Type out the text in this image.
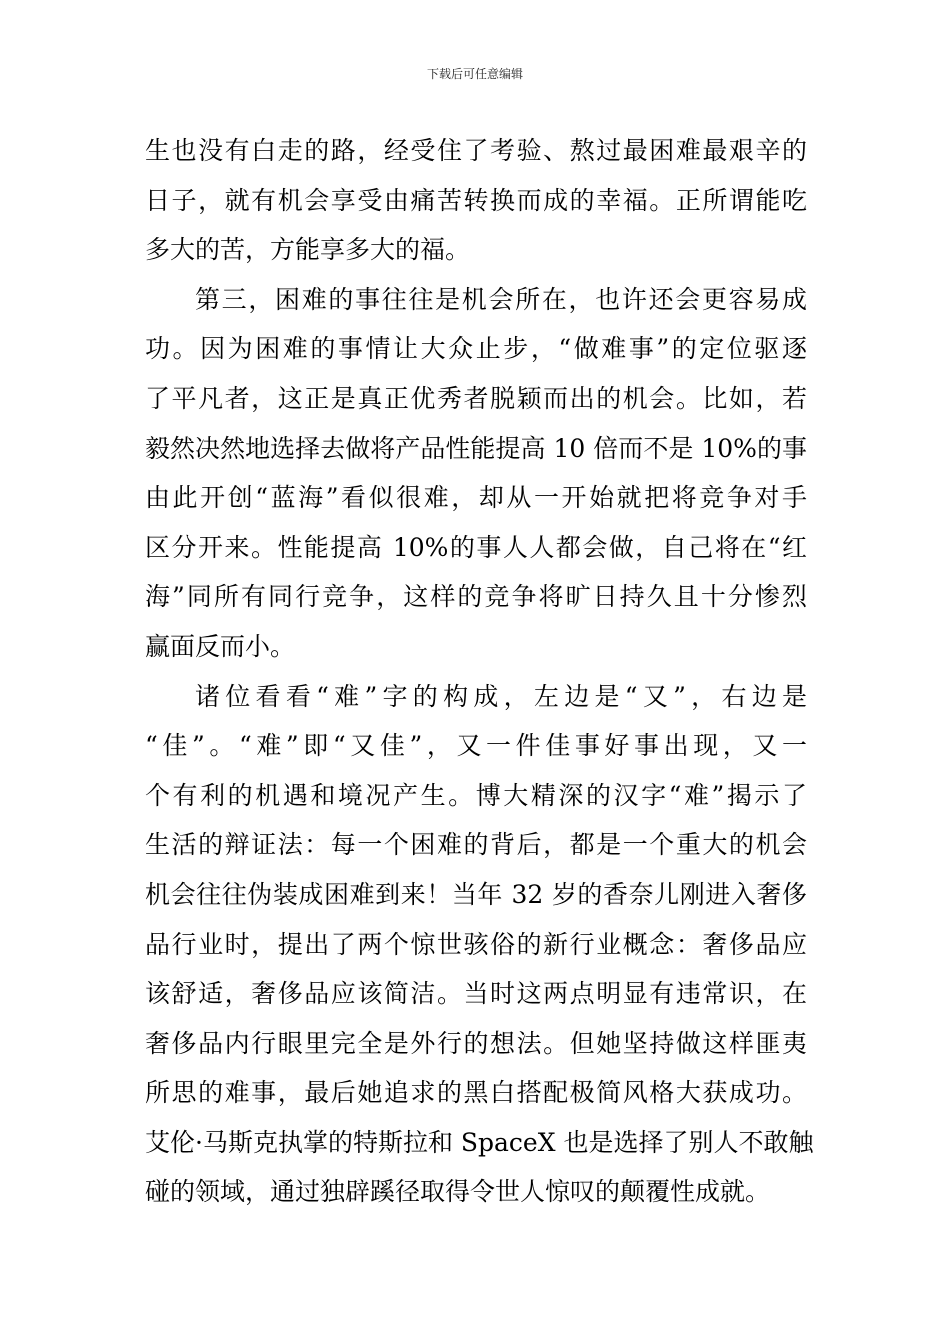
下载后可任意编辑
生也没有白走的路，经受住了考验、熬过最困难最艰辛的
日子，就有机会享受由痛苦转换而成的幸福。正所谓能吃
多大的苦，方能享多大的福。
第三，困难的事往往是机会所在，也许还会更容易成
功。因为困难的事情让大众止步，“做难事”的定位驱逐
了平凡者，这正是真正优秀者脱颖而出的机会。比如，若
毅然决然地选择去做将产品性能提高 10 倍而不是 10%的事
由此开创“蓝海”看似很难，却从一开始就把将竞争对手
区分开来。性能提高 10%的事人人都会做，自己将在“红
海”同所有同行竞争，这样的竞争将旷日持久且十分惨烈
赢面反而小。
诸位看看“难”字的构成，左边是“又”，右边是
“佳”。“难”即“又佳”，又一件佳事好事出现，又一
个有利的机遇和境况产生。博大精深的汉字“难”揭示了
生活的辩证法：每一个困难的背后，都是一个重大的机会
机会往往伪装成困难到来！当年 32 岁的香奈儿刚进入奢侈
品行业时，提出了两个惊世骇俗的新行业概念：奢侈品应
该舒适，奢侈品应该简洁。当时这两点明显有违常识，在
奢侈品内行眼里完全是外行的想法。但她坚持做这样匪夷
所思的难事，最后她追求的黑白搭配极简风格大获成功。
艾伦·马斯克执掌的特斯拉和 SpaceX 也是选择了别人不敢触
碰的领域，通过独辟蹊径取得令世人惊叹的颠覆性成就。
